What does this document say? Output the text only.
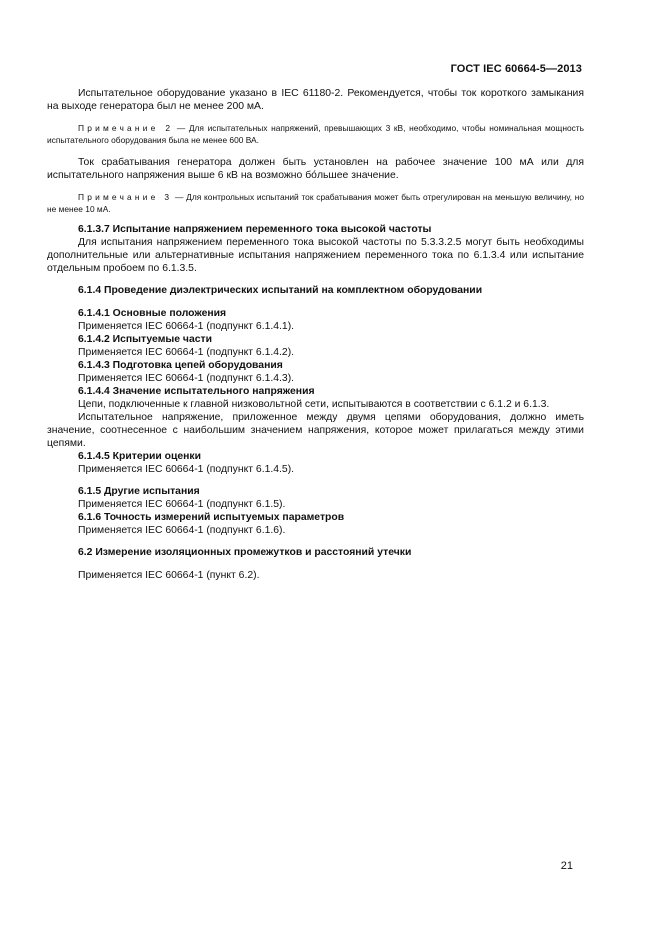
ГОСТ IEC 60664-5—2013

Испытательное оборудование указано в IEC 61180-2. Рекомендуется, чтобы ток короткого замыкания на выходе генератора был не менее 200 мА.

Примечание 2 — Для испытательных напряжений, превышающих 3 кВ, необходимо, чтобы номинальная мощность испытательного оборудования была не менее 600 ВА.

Ток срабатывания генератора должен быть установлен на рабочее значение 100 мА или для испытательного напряжения выше 6 кВ на возможно бо́льшее значение.

Примечание 3 — Для контрольных испытаний ток срабатывания может быть отрегулирован на меньшую величину, но не менее 10 мА.

6.1.3.7 Испытание напряжением переменного тока высокой частоты

Для испытания напряжением переменного тока высокой частоты по 5.3.3.2.5 могут быть необходимы дополнительные или альтернативные испытания напряжением переменного тока по 6.1.3.4 или испытание отдельным пробоем по 6.1.3.5.

6.1.4 Проведение диэлектрических испытаний на комплектном оборудовании

6.1.4.1 Основные положения

Применяется IEC 60664-1 (подпункт 6.1.4.1).

6.1.4.2 Испытуемые части

Применяется IEC 60664-1 (подпункт 6.1.4.2).

6.1.4.3 Подготовка цепей оборудования

Применяется IEC 60664-1 (подпункт 6.1.4.3).

6.1.4.4 Значение испытательного напряжения

Цепи, подключенные к главной низковольтной сети, испытываются в соответствии с 6.1.2 и 6.1.3.

Испытательное напряжение, приложенное между двумя цепями оборудования, должно иметь значение, соотнесенное с наибольшим значением напряжения, которое может прилагаться между этими цепями.

6.1.4.5 Критерии оценки

Применяется IEC 60664-1 (подпункт 6.1.4.5).

6.1.5 Другие испытания

Применяется IEC 60664-1 (подпункт 6.1.5).

6.1.6 Точность измерений испытуемых параметров

Применяется IEC 60664-1 (подпункт 6.1.6).

6.2 Измерение изоляционных промежутков и расстояний утечки

Применяется IEC 60664-1 (пункт 6.2).

21
